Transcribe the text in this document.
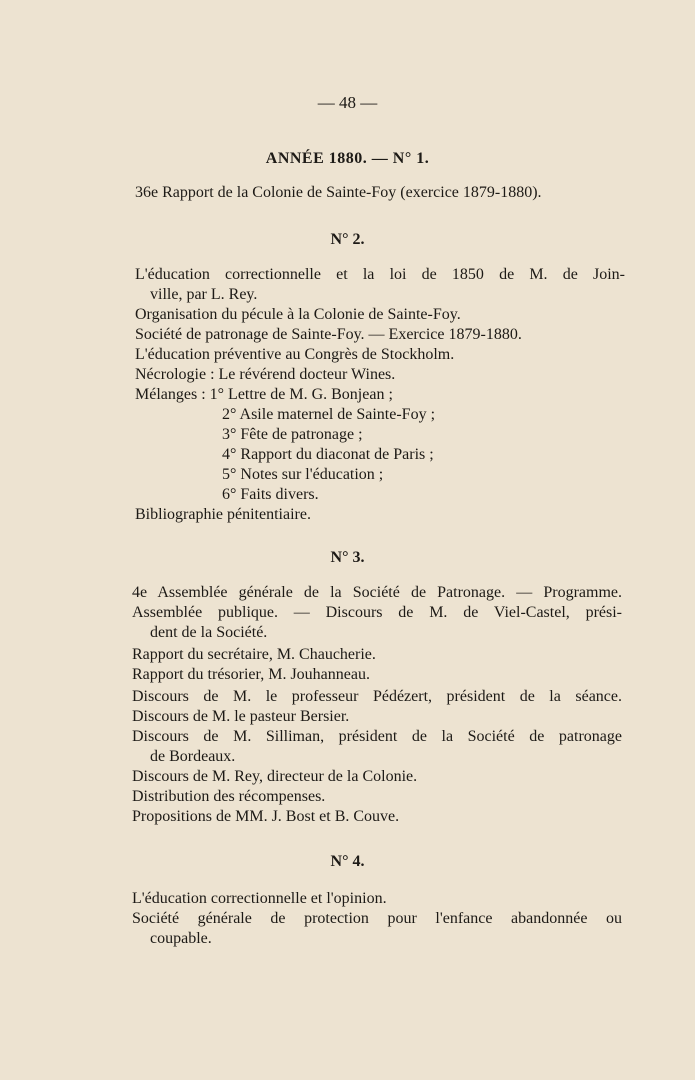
— 48 —
ANNÉE 1880. — N° 1.
36e Rapport de la Colonie de Sainte-Foy (exercice 1879-1880).
N° 2.
L'éducation correctionnelle et la loi de 1850 de M. de Join-
ville, par L. Rey.
Organisation du pécule à la Colonie de Sainte-Foy.
Société de patronage de Sainte-Foy. — Exercice 1879-1880.
L'éducation préventive au Congrès de Stockholm.
Nécrologie : Le révérend docteur Wines.
Mélanges : 1° Lettre de M. G. Bonjean ;
2° Asile maternel de Sainte-Foy ;
3° Fête de patronage ;
4° Rapport du diaconat de Paris ;
5° Notes sur l'éducation ;
6° Faits divers.
Bibliographie pénitentiaire.
N° 3.
4e Assemblée générale de la Société de Patronage. — Programme.
Assemblée publique. — Discours de M. de Viel-Castel, prési-
dent de la Société.
Rapport du secrétaire, M. Chaucherie.
Rapport du trésorier, M. Jouhanneau.
Discours de M. le professeur Pédézert, président de la séance.
Discours de M. le pasteur Bersier.
Discours de M. Silliman, président de la Société de patronage
de Bordeaux.
Discours de M. Rey, directeur de la Colonie.
Distribution des récompenses.
Propositions de MM. J. Bost et B. Couve.
N° 4.
L'éducation correctionnelle et l'opinion.
Société générale de protection pour l'enfance abandonnée ou
coupable.
